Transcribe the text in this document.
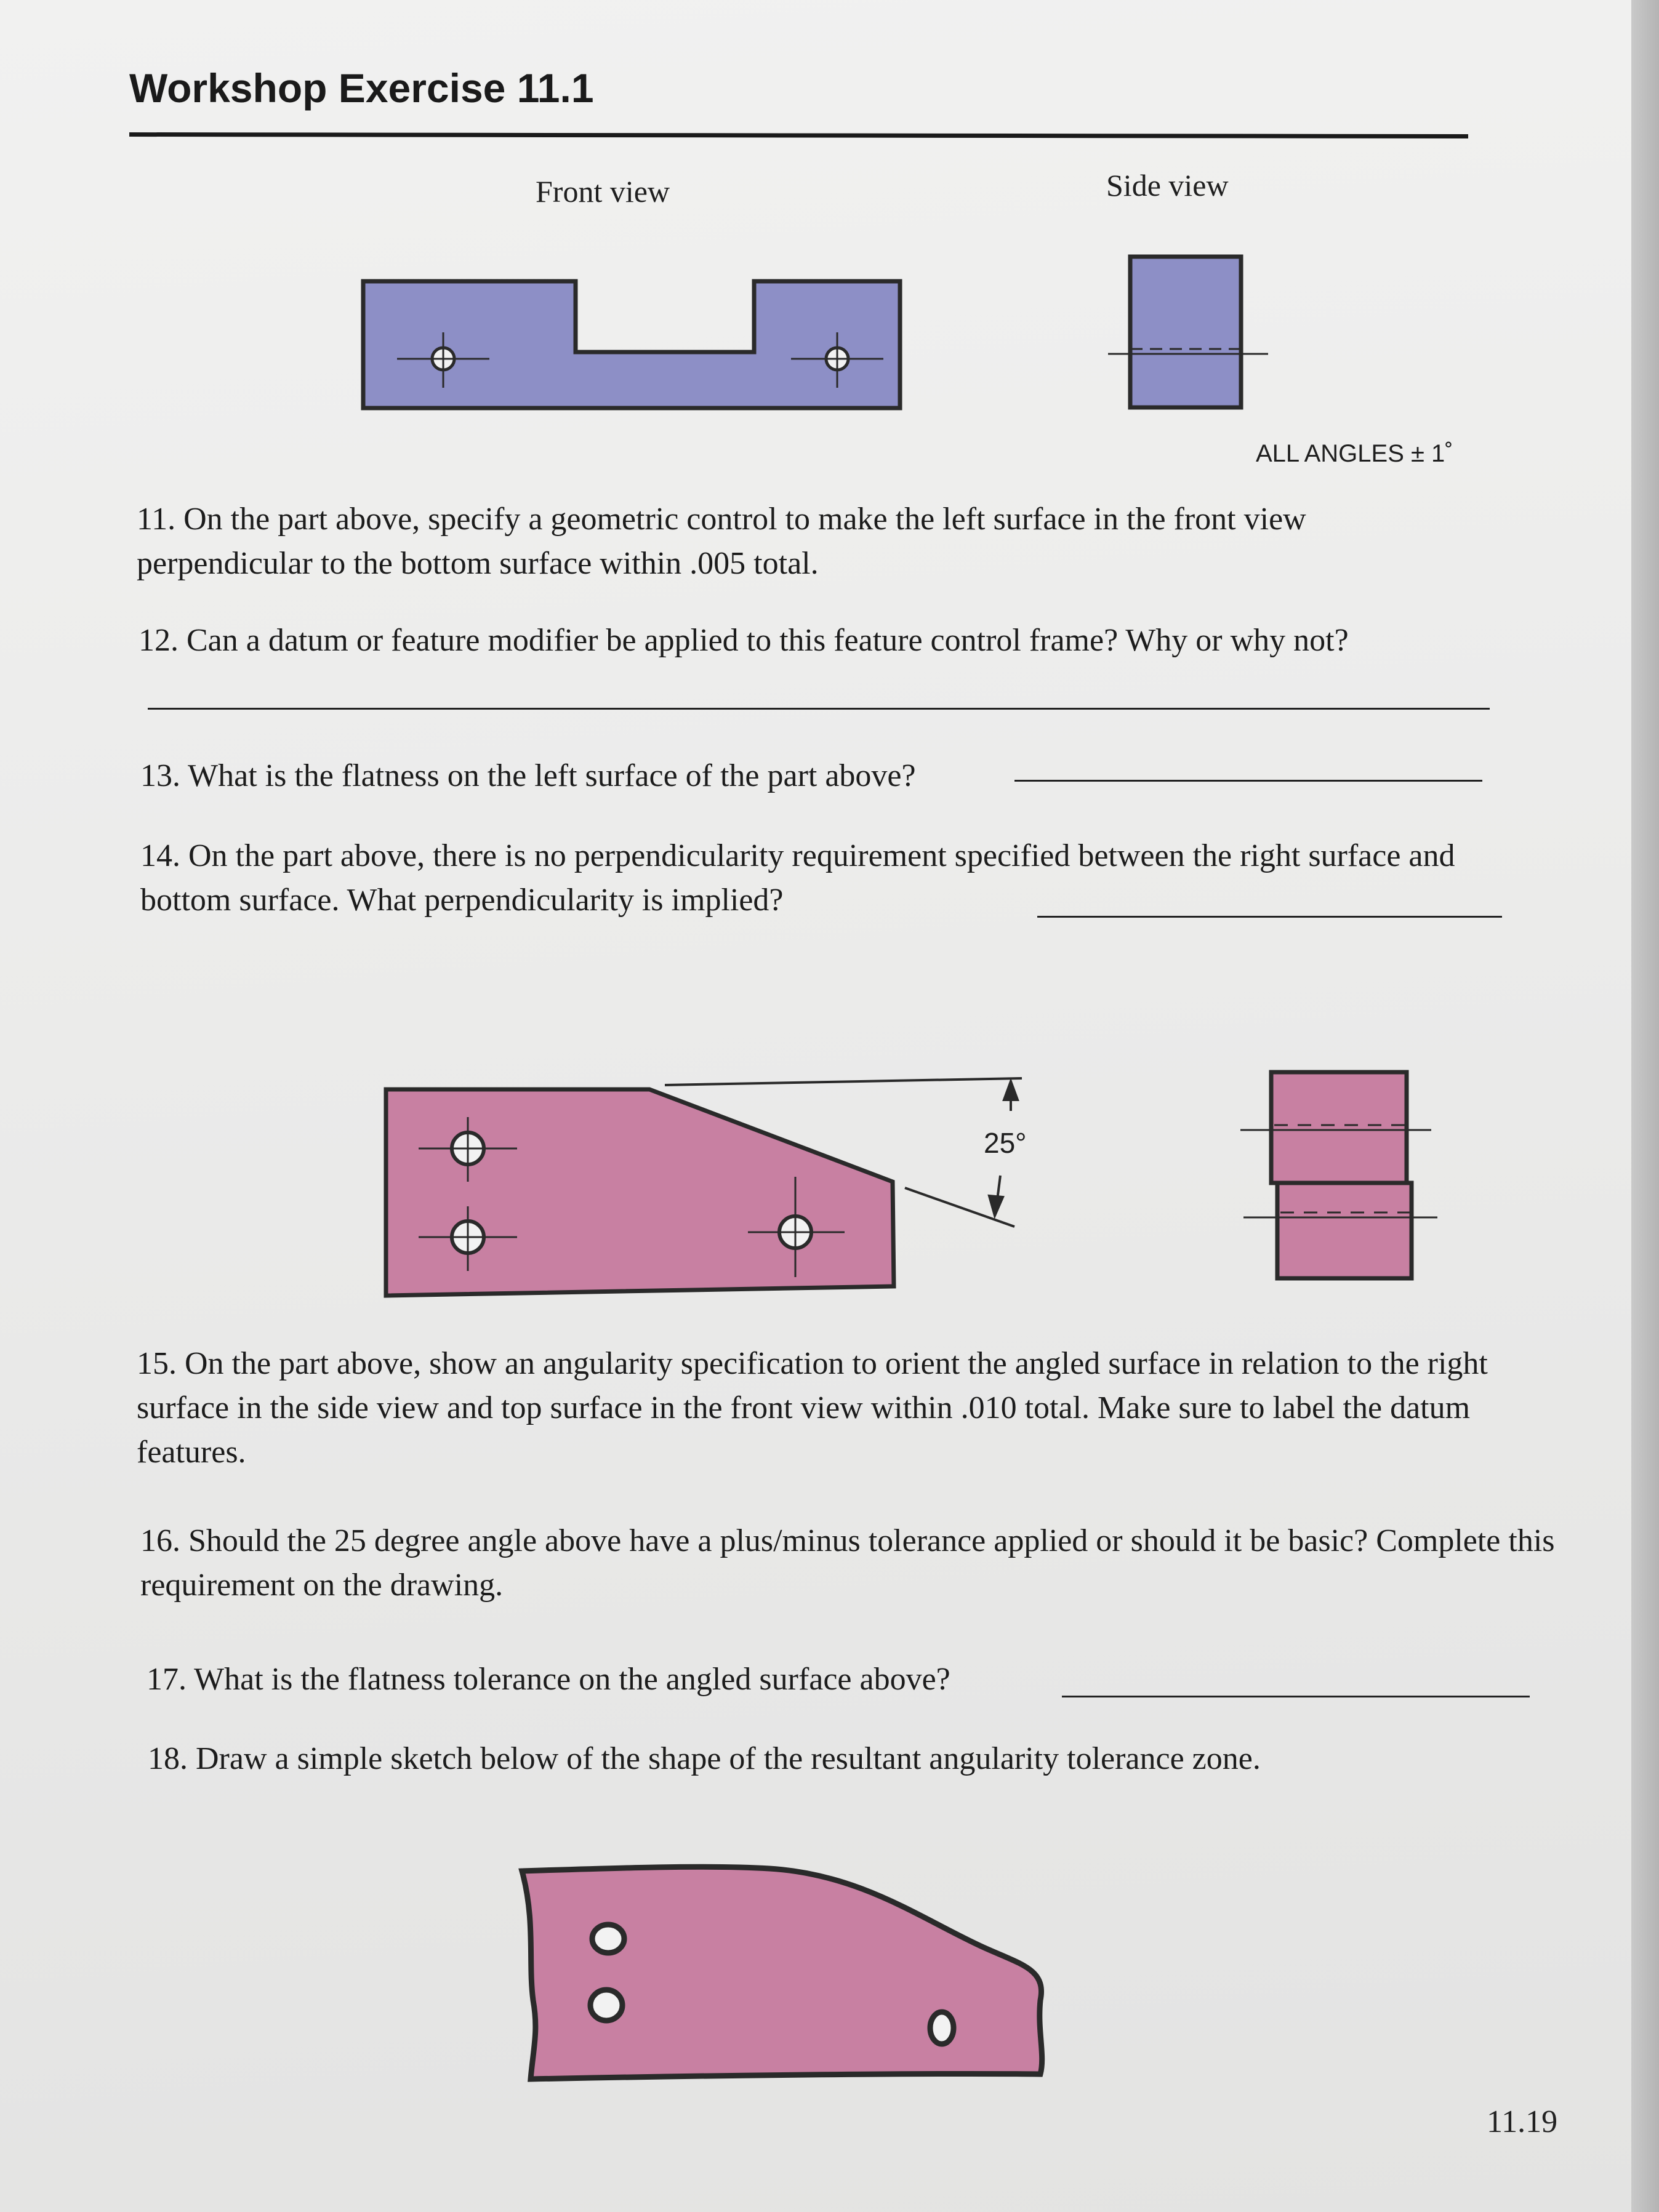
Workshop Exercise 11.1
Front view	Side view
ALL ANGLES ± 1˚
25°
11. On the part above, specify a geometric control to make the left surface in the front view perpendicular to the bottom surface within .005 total.
12. Can a datum or feature modifier be applied to this feature control frame? Why or why not?
13. What is the flatness on the left surface of the part above?
14. On the part above, there is no perpendicularity requirement specified between the right surface and bottom surface. What perpendicularity is implied?
15. On the part above, show an angularity specification to orient the angled surface in relation to the right surface in the side view and top surface in the front view within .010 total. Make sure to label the datum features.
16. Should the 25 degree angle above have a plus/minus tolerance applied or should it be basic? Complete this requirement on the drawing.
17. What is the flatness tolerance on the angled surface above?
18. Draw a simple sketch below of the shape of the resultant angularity tolerance zone.
11.19
